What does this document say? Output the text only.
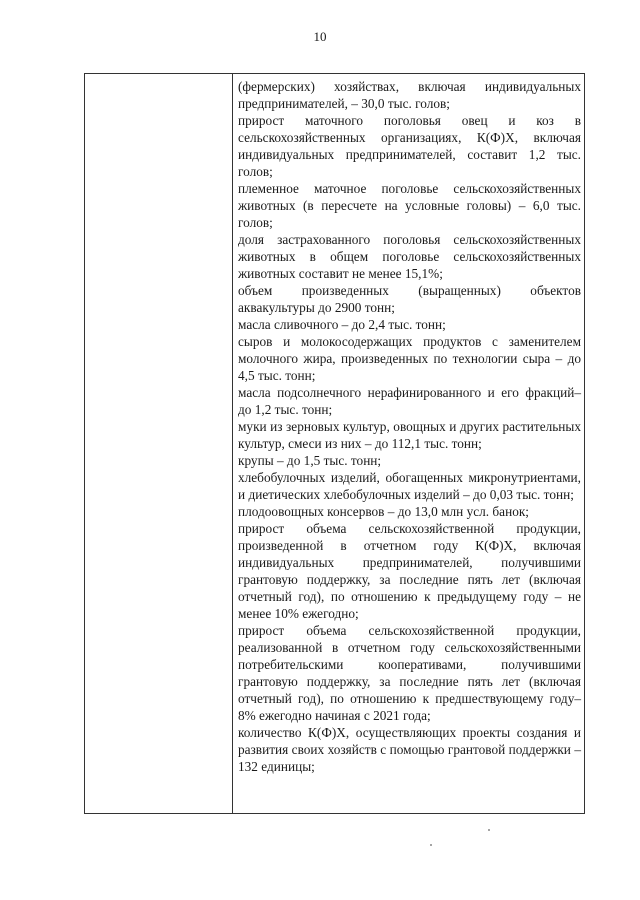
10

(фермерских) хозяйствах, включая индивидуальных предпринимателей, – 30,0 тыс. голов;

прирост маточного поголовья овец и коз в сельскохозяйственных организациях, К(Ф)Х, включая индивидуальных предпринимателей, составит 1,2 тыс. голов;

племенное маточное поголовье сельскохозяйственных животных (в пересчете на условные головы) – 6,0 тыс. голов;

доля застрахованного поголовья сельскохозяйственных животных в общем поголовье сельскохозяйственных животных составит не менее 15,1%;

объем произведенных (выращенных) объектов аквакультуры до 2900 тонн;

масла сливочного – до 2,4 тыс. тонн;

сыров и молокосодержащих продуктов с заменителем молочного жира, произведенных по технологии сыра – до 4,5 тыс. тонн;

масла подсолнечного нерафинированного и его фракций– до 1,2 тыс. тонн;

муки из зерновых культур, овощных и других растительных культур, смеси из них – до 112,1 тыс. тонн;

крупы – до 1,5 тыс. тонн;

хлебобулочных изделий, обогащенных микронутриентами, и диетических хлебобулочных изделий – до 0,03 тыс. тонн;

плодоовощных консервов – до 13,0 млн усл. банок;

прирост объема сельскохозяйственной продукции, произведенной в отчетном году К(Ф)Х, включая индивидуальных предпринимателей, получившими грантовую поддержку, за последние пять лет (включая отчетный год), по отношению к предыдущему году – не менее 10% ежегодно;

прирост объема сельскохозяйственной продукции, реализованной в отчетном году сельскохозяйственными потребительскими кооперативами, получившими грантовую поддержку, за последние пять лет (включая отчетный год), по отношению к предшествующему году– 8% ежегодно начиная с 2021 года;

количество К(Ф)Х, осуществляющих проекты создания и развития своих хозяйств с помощью грантовой поддержки – 132 единицы;
